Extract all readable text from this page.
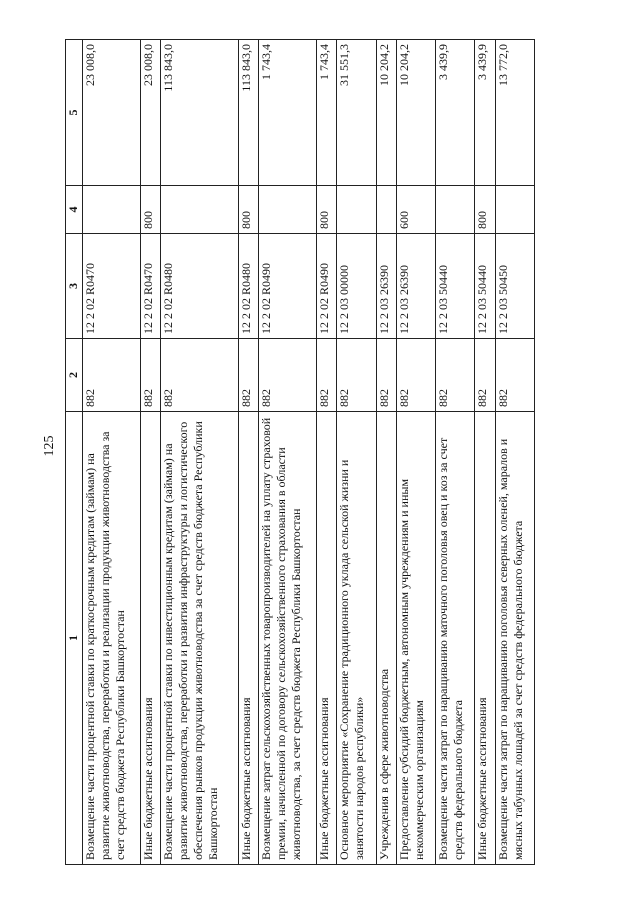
125
1	2	3	4	5
Возмещение части процентной ставки по краткосрочным кредитам (займам) на развитие животноводства, переработки и реализации продукции животноводства за счет средств бюджета Республики Башкортостан	882	12 2 02 R0470		23 008,0
Иные бюджетные ассигнования	882	12 2 02 R0470	800	23 008,0
Возмещение части процентной ставки по инвестиционным кредитам (займам) на развитие животноводства, переработки и развития инфраструктуры и логистического обеспечения рынков продукции животноводства за счет средств бюджета Республики Башкортостан	882	12 2 02 R0480		113 843,0
Иные бюджетные ассигнования	882	12 2 02 R0480	800	113 843,0
Возмещение затрат сельскохозяйственных товаропроизводителей на уплату страховой премии, начисленной по договору сельскохозяйственного страхования в области животноводства, за счет средств бюджета Республики Башкортостан	882	12 2 02 R0490		1 743,4
Иные бюджетные ассигнования	882	12 2 02 R0490	800	1 743,4
Основное мероприятие «Сохранение традиционного уклада сельской жизни и занятости народов республики»	882	12 2 03 00000		31 551,3
Учреждения в сфере животноводства	882	12 2 03 26390		10 204,2
Предоставление субсидий бюджетным, автономным учреждениям и иным некоммерческим организациям	882	12 2 03 26390	600	10 204,2
Возмещение части затрат по наращиванию маточного поголовья овец и коз за счет средств федерального бюджета	882	12 2 03 50440		3 439,9
Иные бюджетные ассигнования	882	12 2 03 50440	800	3 439,9
Возмещение части затрат по наращиванию поголовья северных оленей, маралов и мясных табунных лошадей за счет средств федерального бюджета	882	12 2 03 50450		13 772,0
